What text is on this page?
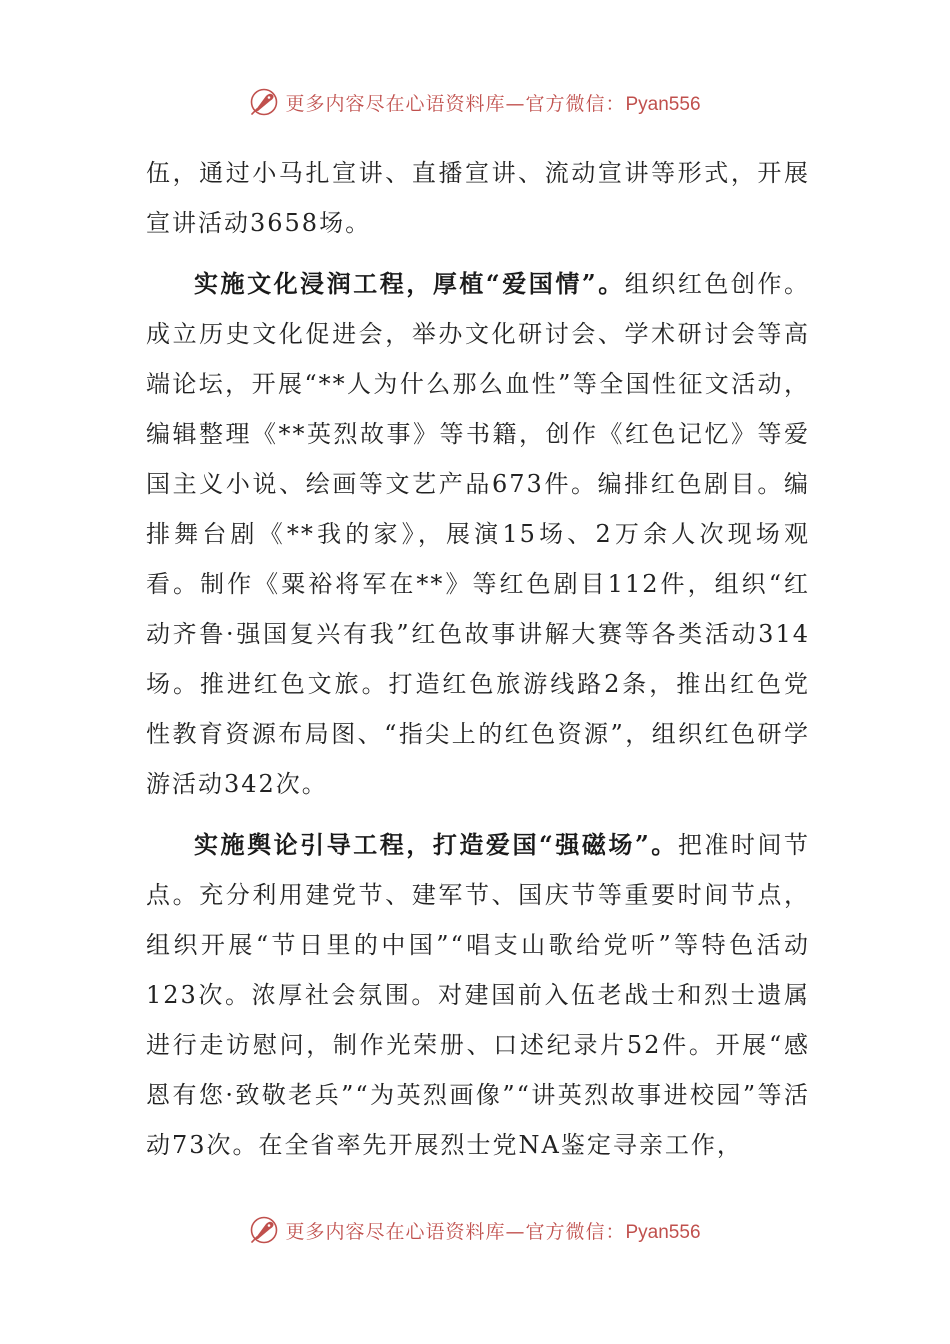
更多内容尽在心语资料库—官方微信：Pyan556

伍，通过小马扎宣讲、直播宣讲、流动宣讲等形式，开展宣讲活动3658场。

实施文化浸润工程，厚植“爱国情”。组织红色创作。成立历史文化促进会，举办文化研讨会、学术研讨会等高端论坛，开展“**人为什么那么血性”等全国性征文活动，编辑整理《**英烈故事》等书籍，创作《红色记忆》等爱国主义小说、绘画等文艺产品673件。编排红色剧目。编排舞台剧《**我的家》，展演15场、2万余人次现场观看。制作《粟裕将军在**》等红色剧目112件，组织“红动齐鲁·强国复兴有我”红色故事讲解大赛等各类活动314场。推进红色文旅。打造红色旅游线路2条，推出红色党性教育资源布局图、“指尖上的红色资源”，组织红色研学游活动342次。

实施舆论引导工程，打造爱国“强磁场”。把准时间节点。充分利用建党节、建军节、国庆节等重要时间节点，组织开展“节日里的中国”“唱支山歌给党听”等特色活动123次。浓厚社会氛围。对建国前入伍老战士和烈士遗属进行走访慰问，制作光荣册、口述纪录片52件。开展“感恩有您·致敬老兵”“为英烈画像”“讲英烈故事进校园”等活动73次。在全省率先开展烈士党NA鉴定寻亲工作，

更多内容尽在心语资料库—官方微信：Pyan556
